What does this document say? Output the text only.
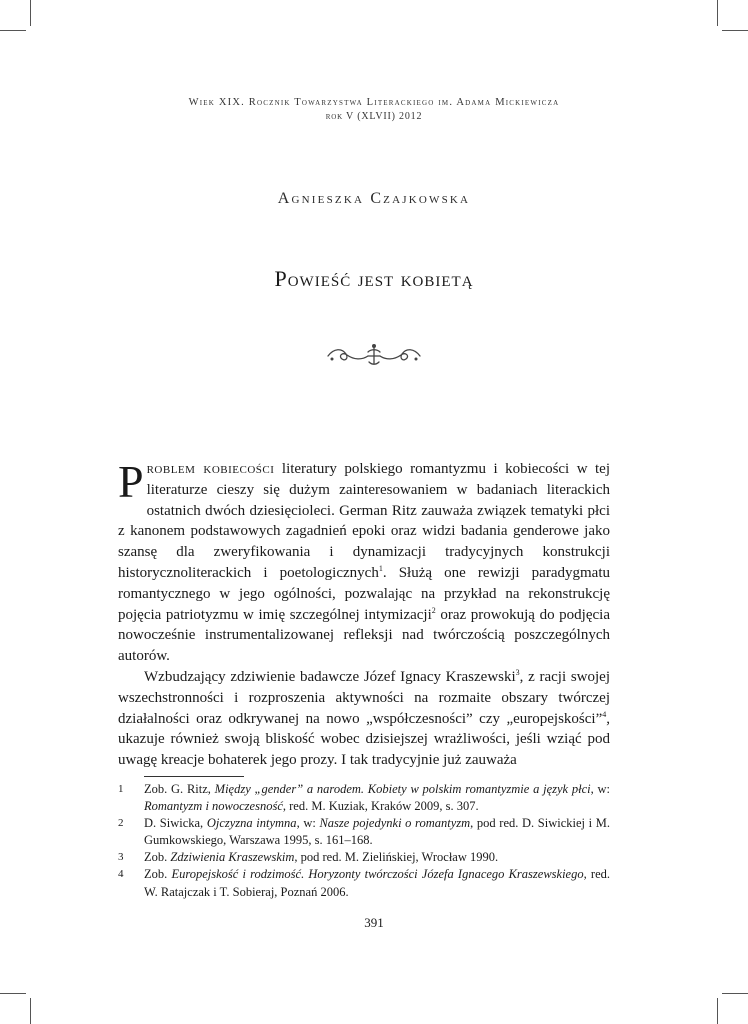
Wiek XIX. Rocznik Towarzystwa Literackiego im. Adama Mickiewicza
rok V (XLVII) 2012
Agnieszka Czajkowska
Powieść jest kobietą

Problem kobiecości literatury polskiego romantyzmu i kobiecości w tej literaturze cieszy się dużym zainteresowaniem w badaniach literackich ostatnich dwóch dziesięcioleci. German Ritz zauważa związek tematyki płci z kanonem podstawowych zagadnień epoki oraz widzi badania genderowe jako szansę dla zweryfikowania i dynamizacji tradycyjnych konstrukcji historycznoliterackich i poetologicznych$^1$. Służą one rewizji paradygmatu romantycznego w jego ogólności, pozwalając na przykład na rekonstrukcję pojęcia patriotyzmu w imię szczególnej intymizacji$^2$ oraz prowokują do podjęcia nowocześnie instrumentalizowanej refleksji nad twórczością poszczególnych autorów.

Wzbudzający zdziwienie badawcze Józef Ignacy Kraszewski$^3$, z racji swojej wszechstronności i rozproszenia aktywności na rozmaite obszary twórczej działalności oraz odkrywanej na nowo „współczesności” czy „europejskości”$^4$, ukazuje również swoją bliskość wobec dzisiejszej wrażliwości, jeśli wziąć pod uwagę kreacje bohaterek jego prozy. I tak tradycyjnie już zauważa

1 Zob. G. Ritz, Między „gender” a narodem. Kobiety w polskim romantyzmie a język płci, w: Romantyzm i nowoczesność, red. M. Kuziak, Kraków 2009, s. 307.
2 D. Siwicka, Ojczyzna intymna, w: Nasze pojedynki o romantyzm, pod red. D. Siwickiej i M. Gumkowskiego, Warszawa 1995, s. 161–168.
3 Zob. Zdziwienia Kraszewskim, pod red. M. Zielińskiej, Wrocław 1990.
4 Zob. Europejskość i rodzimość. Horyzonty twórczości Józefa Ignacego Kraszewskiego, red. W. Ratajczak i T. Sobieraj, Poznań 2006.
391
